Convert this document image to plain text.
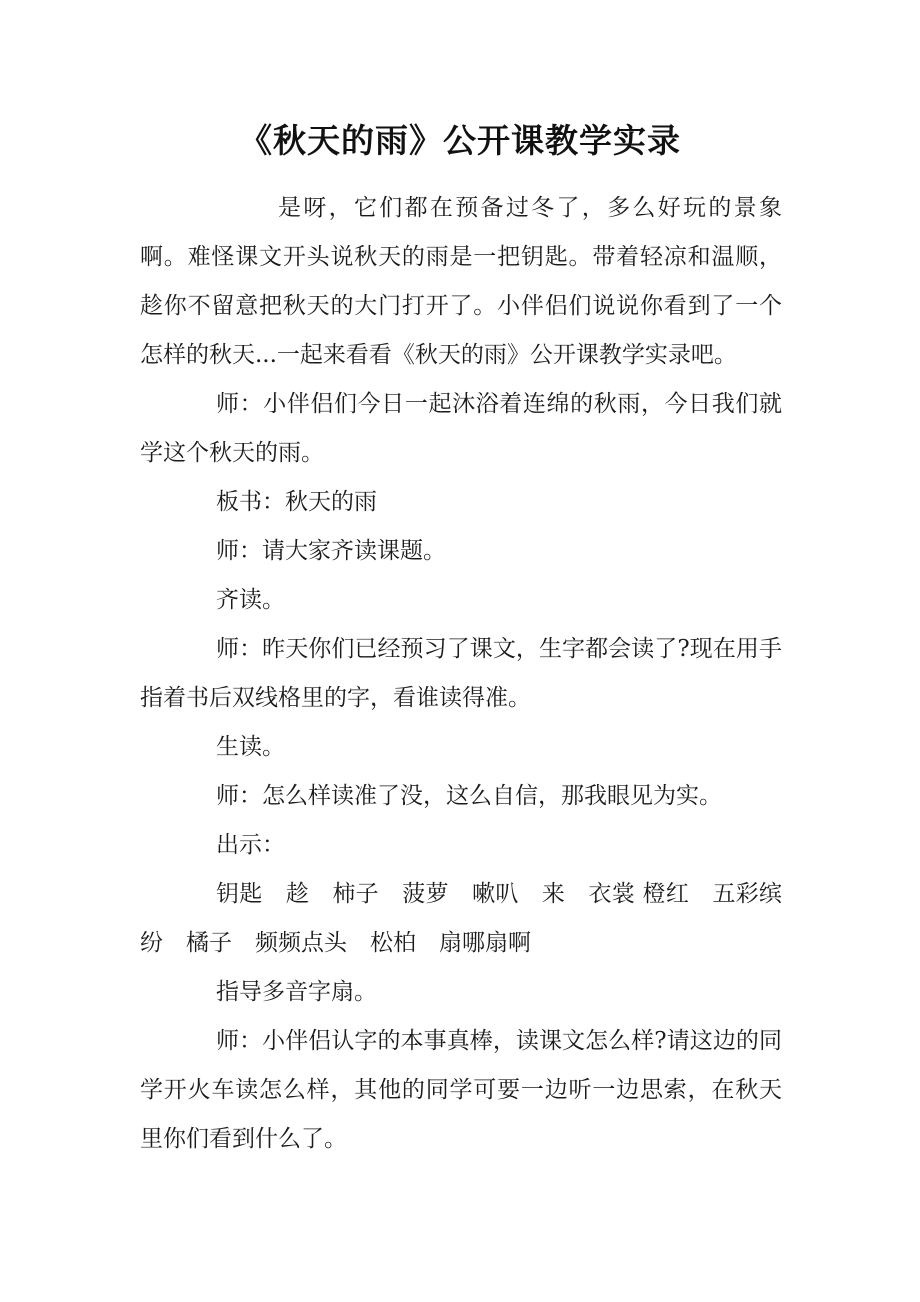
《秋天的雨》公开课教学实录

是呀，它们都在预备过冬了，多么好玩的景象啊。难怪课文开头说秋天的雨是一把钥匙。带着轻凉和温顺，趁你不留意把秋天的大门打开了。小伴侣们说说你看到了一个怎样的秋天...一起来看看《秋天的雨》公开课教学实录吧。

师：小伴侣们今日一起沐浴着连绵的秋雨，今日我们就学这个秋天的雨。

板书：秋天的雨

师：请大家齐读课题。

齐读。

师：昨天你们已经预习了课文，生字都会读了?现在用手指着书后双线格里的字，看谁读得准。

生读。

师：怎么样读准了没，这么自信，那我眼见为实。

出示：

钥匙　趁　柿子　菠萝　嗽叭　来　衣裳 橙红　五彩缤纷　橘子　频频点头　松柏　扇哪扇啊

指导多音字扇。

师：小伴侣认字的本事真棒，读课文怎么样?请这边的同学开火车读怎么样，其他的同学可要一边听一边思索，在秋天里你们看到什么了。
